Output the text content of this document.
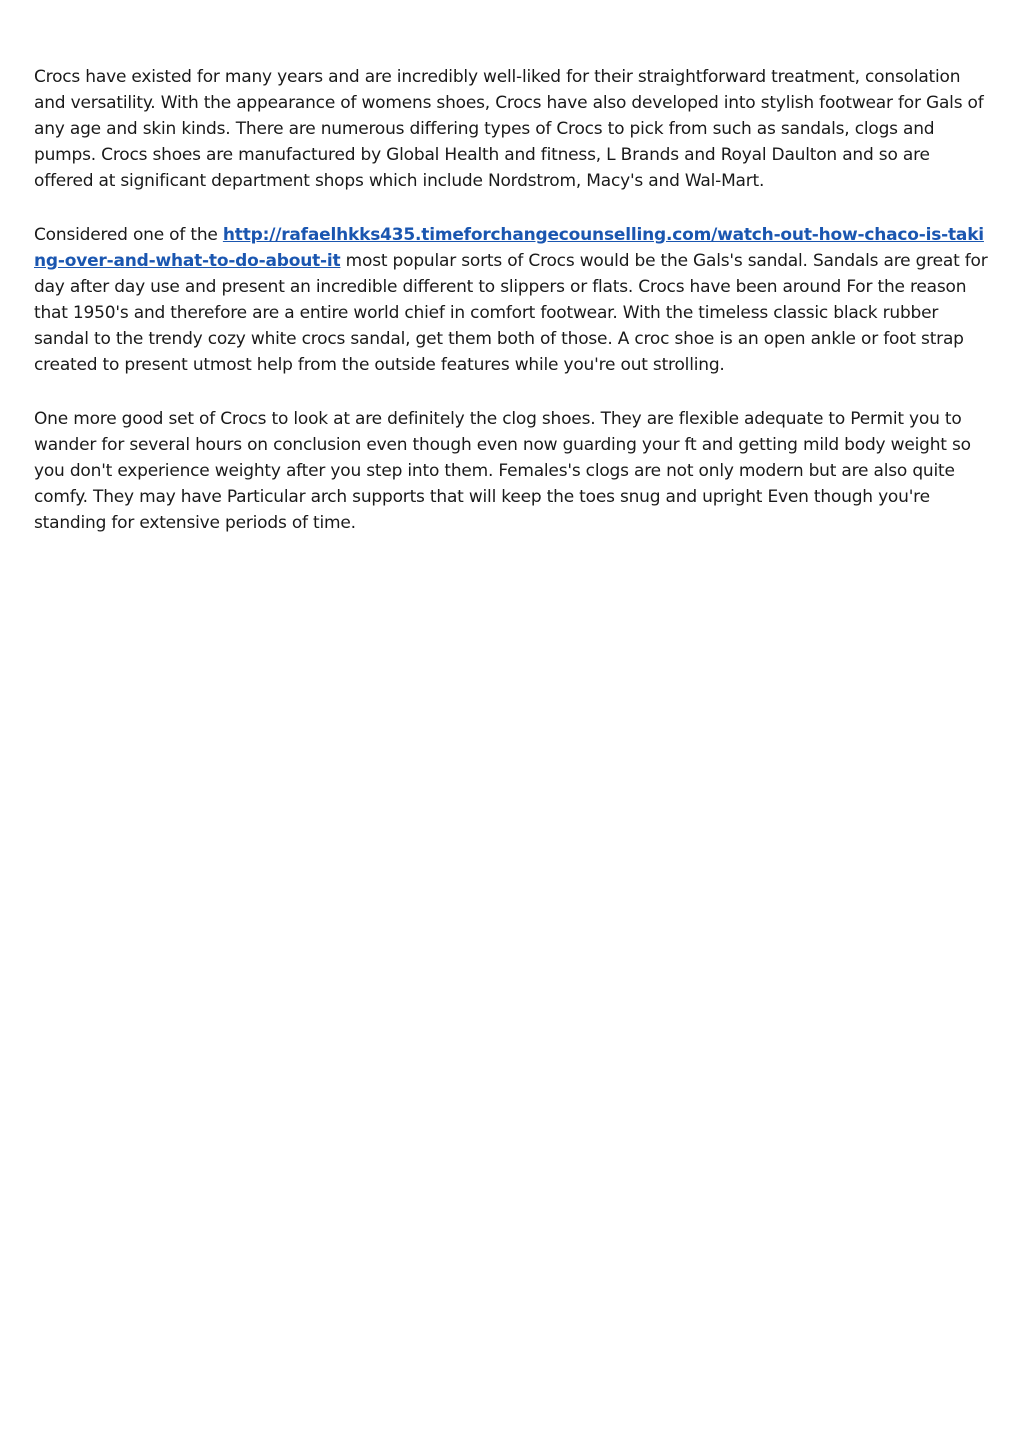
Crocs have existed for many years and are incredibly well-liked for their straightforward treatment, consolation and versatility. With the appearance of womens shoes, Crocs have also developed into stylish footwear for Gals of any age and skin kinds. There are numerous differing types of Crocs to pick from such as sandals, clogs and pumps. Crocs shoes are manufactured by Global Health and fitness, L Brands and Royal Daulton and so are offered at significant department shops which include Nordstrom, Macy's and Wal-Mart.

Considered one of the http://rafaelhkks435.timeforchangecounselling.com/watch-out-how-chaco-is-taking-over-and-what-to-do-about-it most popular sorts of Crocs would be the Gals's sandal. Sandals are great for day after day use and present an incredible different to slippers or flats. Crocs have been around For the reason that 1950's and therefore are a entire world chief in comfort footwear. With the timeless classic black rubber sandal to the trendy cozy white crocs sandal, get them both of those. A croc shoe is an open ankle or foot strap created to present utmost help from the outside features while you're out strolling.

One more good set of Crocs to look at are definitely the clog shoes. They are flexible adequate to Permit you to wander for several hours on conclusion even though even now guarding your ft and getting mild body weight so you don't experience weighty after you step into them. Females's clogs are not only modern but are also quite comfy. They may have Particular arch supports that will keep the toes snug and upright Even though you're standing for extensive periods of time.
